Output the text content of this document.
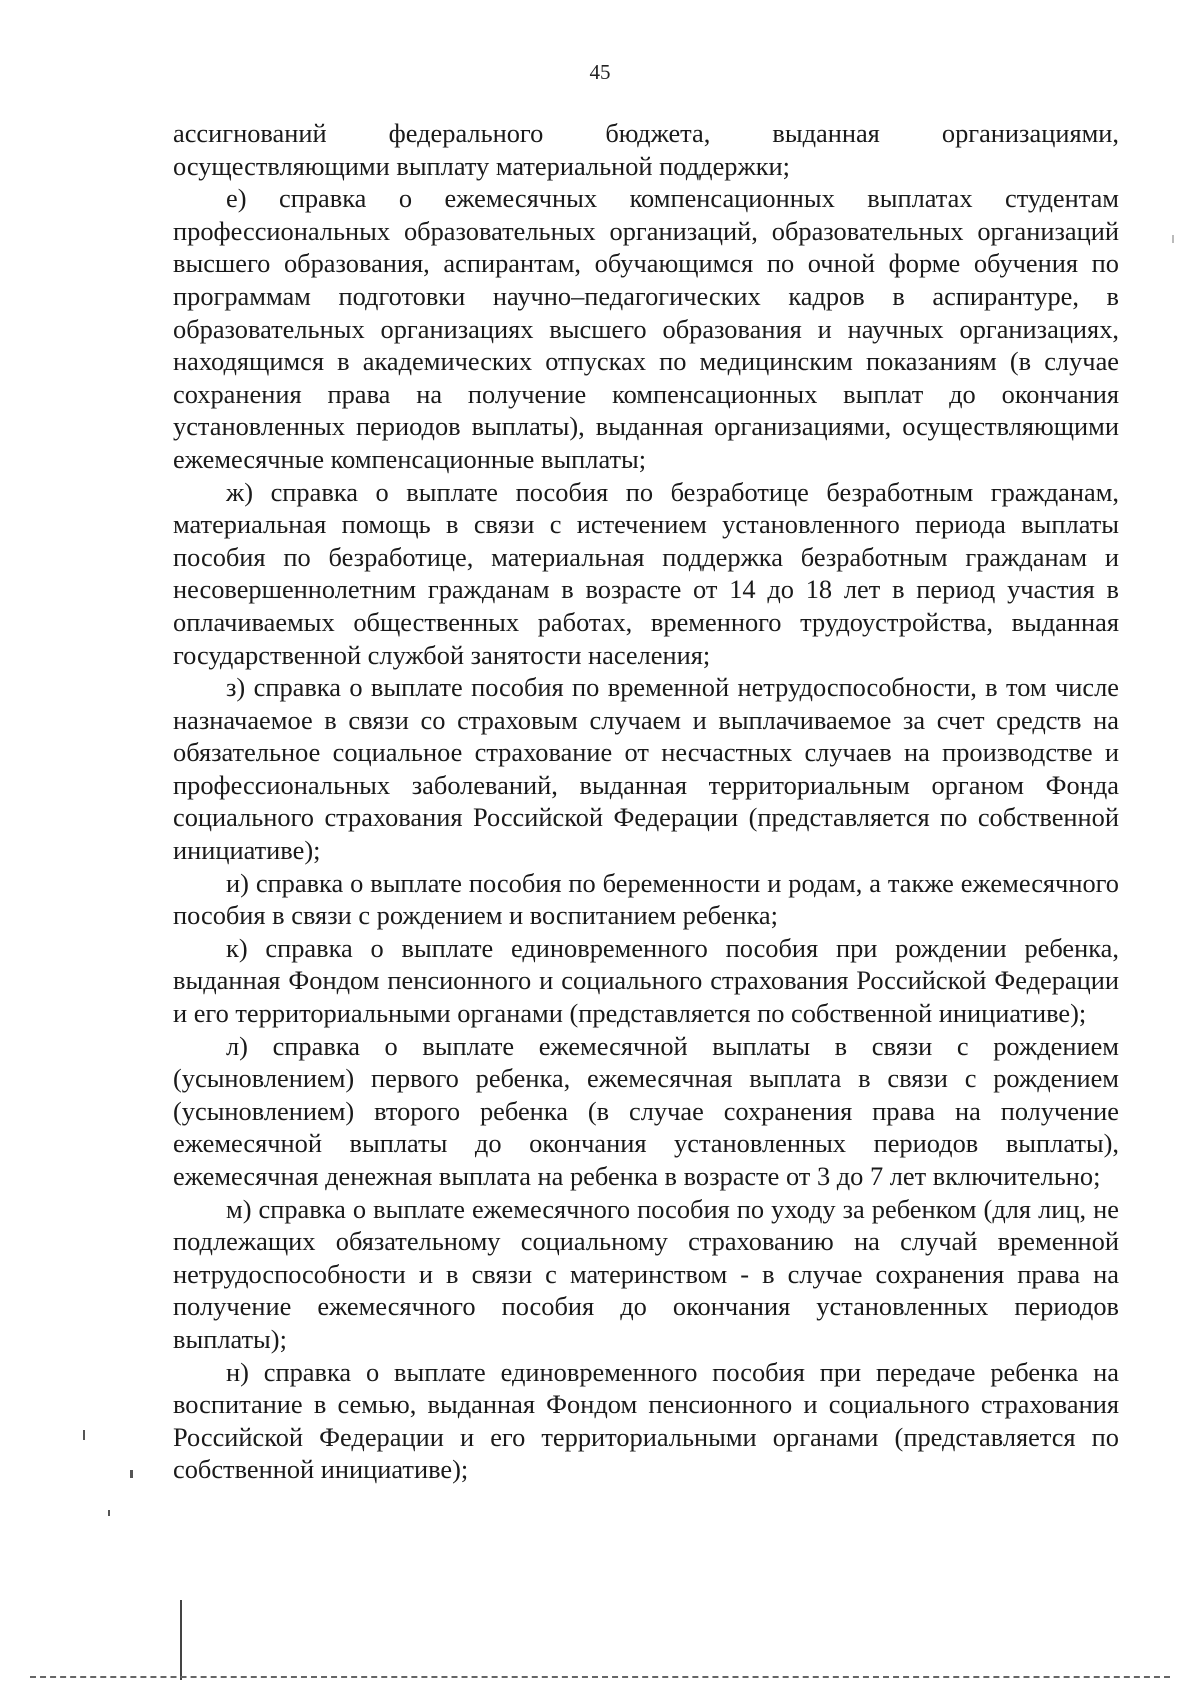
45

ассигнований федерального бюджета, выданная организациями, осуществляющими выплату материальной поддержки;

е) справка о ежемесячных компенсационных выплатах студентам профессиональных образовательных организаций, образовательных организаций высшего образования, аспирантам, обучающимся по очной форме обучения по программам подготовки научно–педагогических кадров в аспирантуре, в образовательных организациях высшего образования и научных организациях, находящимся в академических отпусках по медицинским показаниям (в случае сохранения права на получение компенсационных выплат до окончания установленных периодов выплаты), выданная организациями, осуществляющими ежемесячные компенсационные выплаты;

ж) справка о выплате пособия по безработице безработным гражданам, материальная помощь в связи с истечением установленного периода выплаты пособия по безработице, материальная поддержка безработным гражданам и несовершеннолетним гражданам в возрасте от 14 до 18 лет в период участия в оплачиваемых общественных работах, временного трудоустройства, выданная государственной службой занятости населения;

з) справка о выплате пособия по временной нетрудоспособности, в том числе назначаемое в связи со страховым случаем и выплачиваемое за счет средств на обязательное социальное страхование от несчастных случаев на производстве и профессиональных заболеваний, выданная территориальным органом Фонда социального страхования Российской Федерации (представляется по собственной инициативе);

и) справка о выплате пособия по беременности и родам, а также ежемесячного пособия в связи с рождением и воспитанием ребенка;

к) справка о выплате единовременного пособия при рождении ребенка, выданная Фондом пенсионного и социального страхования Российской Федерации и его территориальными органами (представляется по собственной инициативе);

л) справка о выплате ежемесячной выплаты в связи с рождением (усыновлением) первого ребенка, ежемесячная выплата в связи с рождением (усыновлением) второго ребенка (в случае сохранения права на получение ежемесячной выплаты до окончания установленных периодов выплаты), ежемесячная денежная выплата на ребенка в возрасте от 3 до 7 лет включительно;

м) справка о выплате ежемесячного пособия по уходу за ребенком (для лиц, не подлежащих обязательному социальному страхованию на случай временной нетрудоспособности и в связи с материнством - в случае сохранения права на получение ежемесячного пособия до окончания установленных периодов выплаты);

н) справка о выплате единовременного пособия при передаче ребенка на воспитание в семью, выданная Фондом пенсионного и социального страхования Российской Федерации и его территориальными органами (представляется по собственной инициативе);
